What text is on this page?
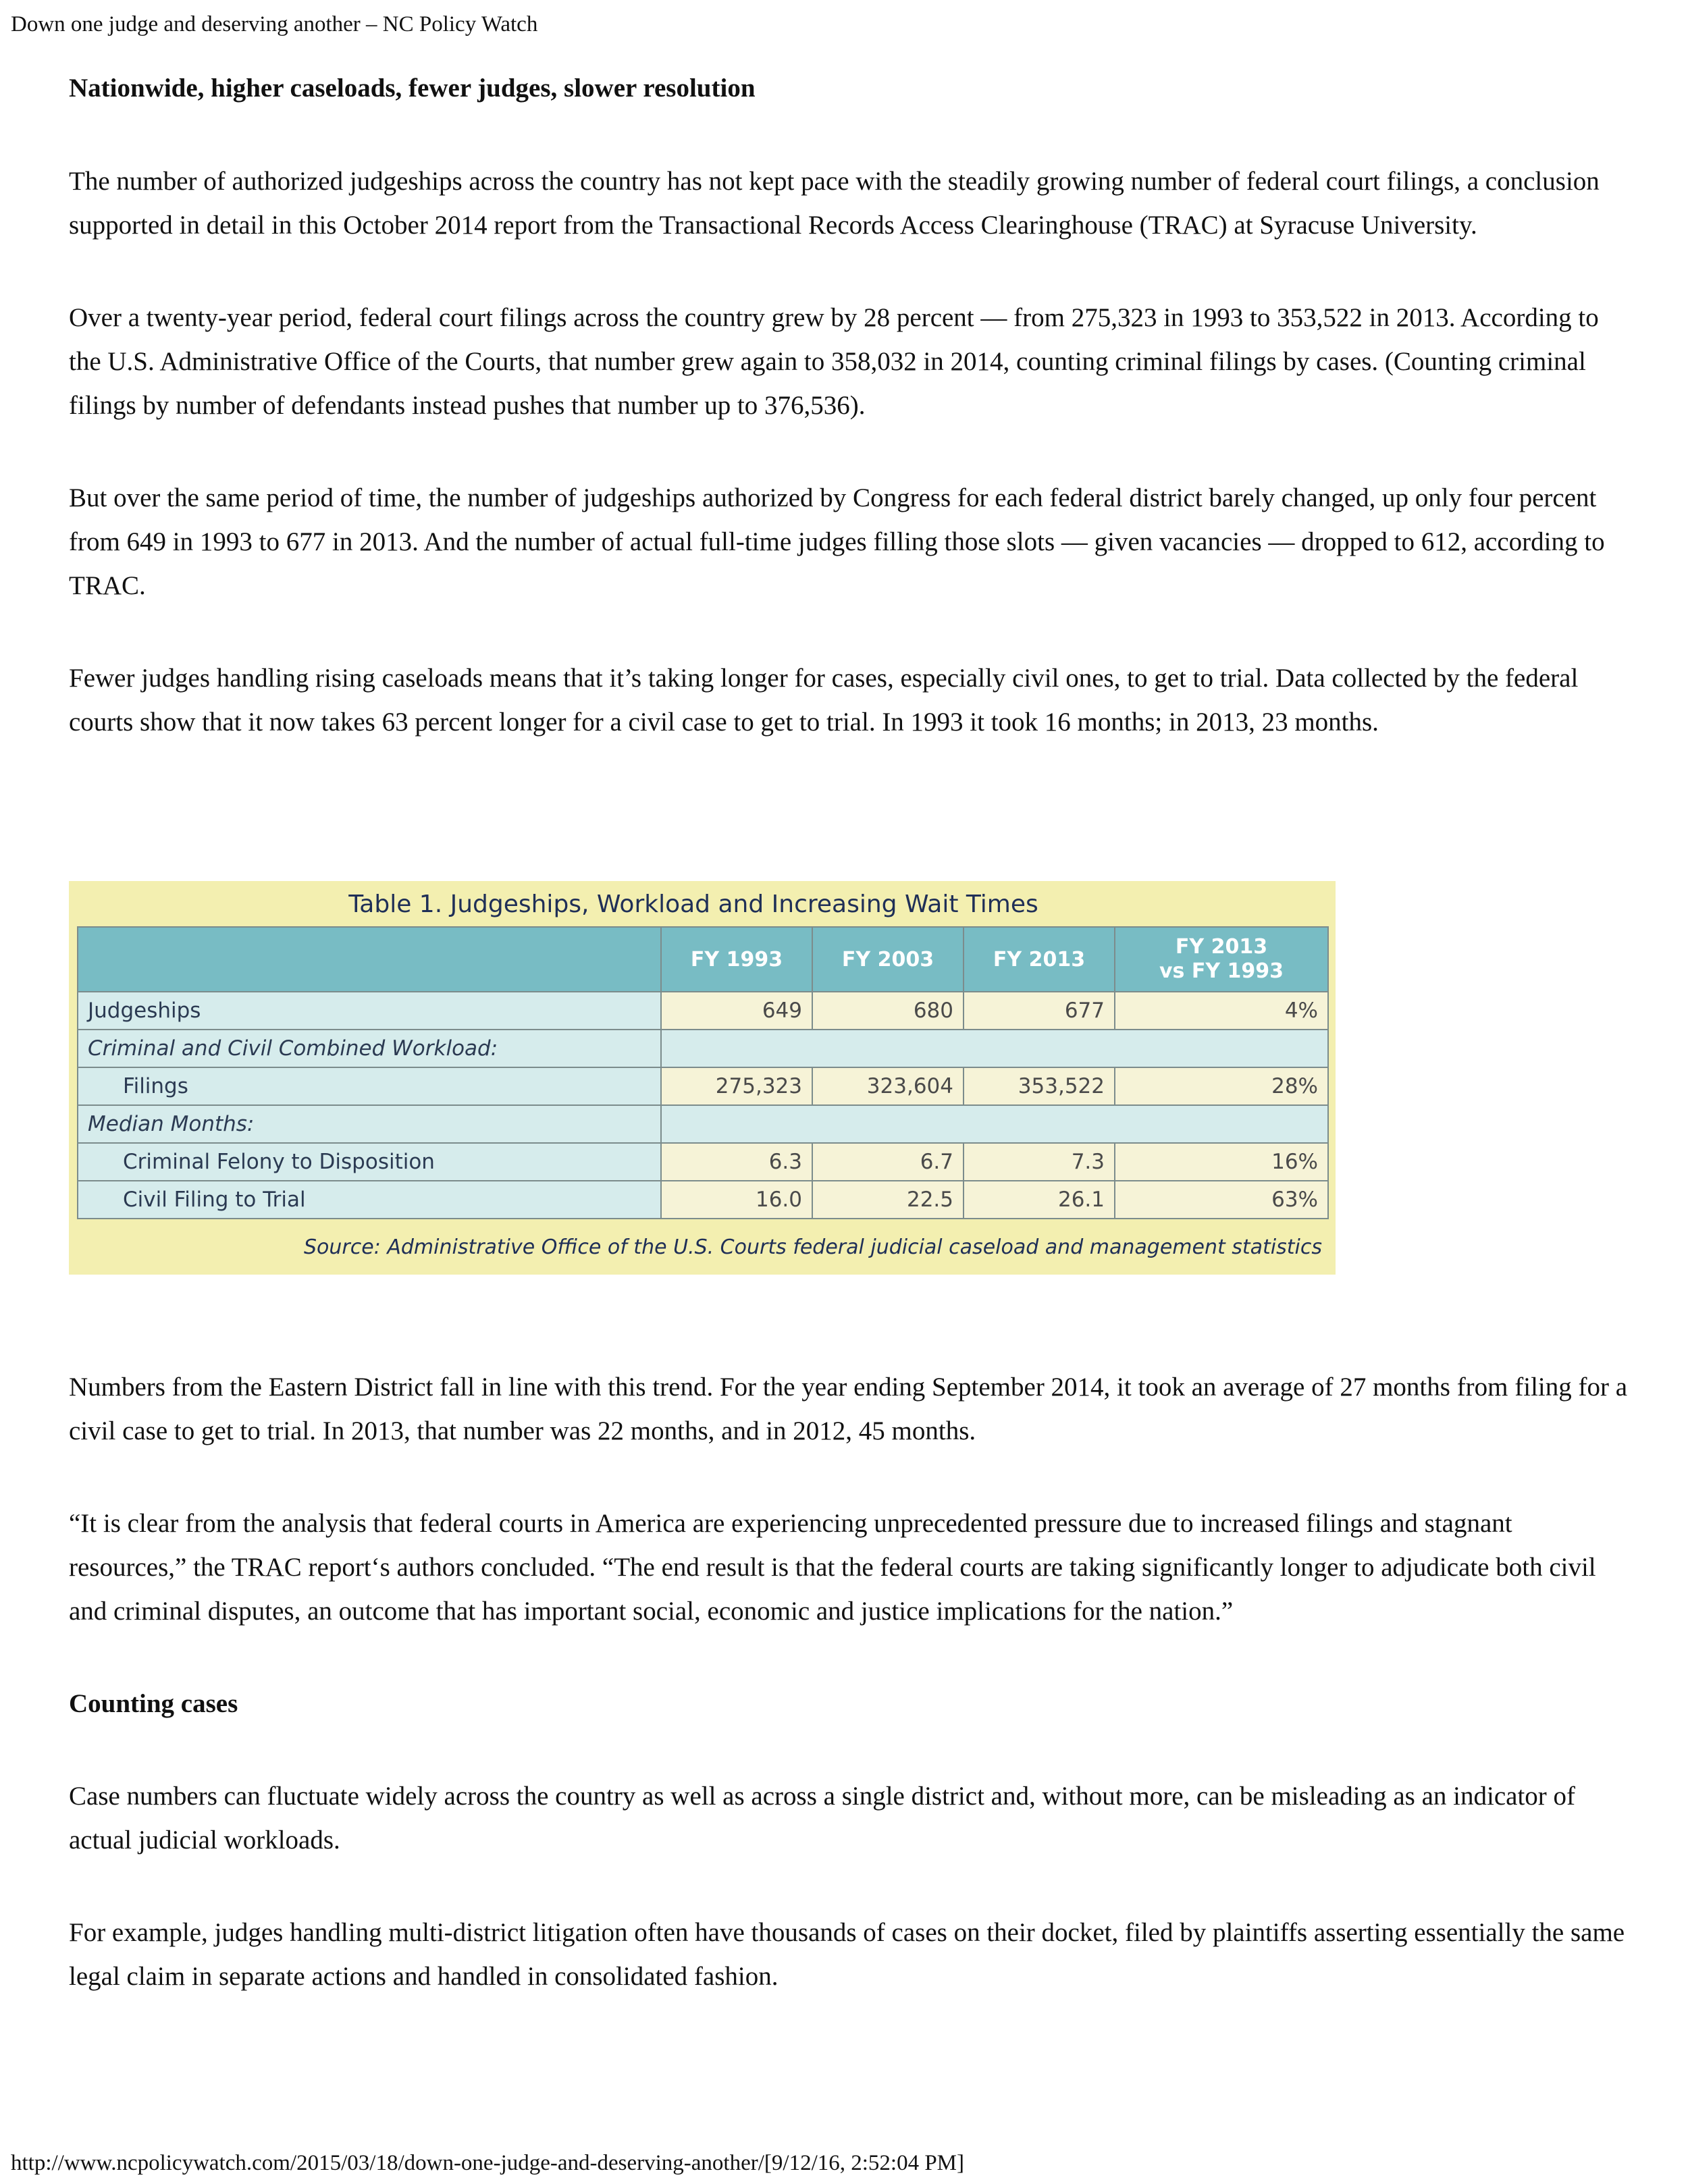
Down one judge and deserving another – NC Policy Watch
Nationwide, higher caseloads, fewer judges, slower resolution

The number of authorized judgeships across the country has not kept pace with the steadily growing number of federal court filings, a conclusion supported in detail in this October 2014 report from the Transactional Records Access Clearinghouse (TRAC) at Syracuse University.

Over a twenty-year period, federal court filings across the country grew by 28 percent — from 275,323 in 1993 to 353,522 in 2013. According to the U.S. Administrative Office of the Courts, that number grew again to 358,032 in 2014, counting criminal filings by cases. (Counting criminal filings by number of defendants instead pushes that number up to 376,536).

But over the same period of time, the number of judgeships authorized by Congress for each federal district barely changed, up only four percent from 649 in 1993 to 677 in 2013. And the number of actual full-time judges filling those slots — given vacancies — dropped to 612, according to TRAC.

Fewer judges handling rising caseloads means that it’s taking longer for cases, especially civil ones, to get to trial. Data collected by the federal courts show that it now takes 63 percent longer for a civil case to get to trial. In 1993 it took 16 months; in 2013, 23 months.

Table 1. Judgeships, Workload and Increasing Wait Times
	FY 1993	FY 2003	FY 2013	FY 2013
vs FY 1993
Judgeships	649	680	677	4%
Criminal and Civil Combined Workload:				
Filings	275,323	323,604	353,522	28%
Median Months:				
Criminal Felony to Disposition	6.3	6.7	7.3	16%
Civil Filing to Trial	16.0	22.5	26.1	63%
Source: Administrative Office of the U.S. Courts federal judicial caseload and management statistics

Numbers from the Eastern District fall in line with this trend. For the year ending September 2014, it took an average of 27 months from filing for a civil case to get to trial. In 2013, that number was 22 months, and in 2012, 45 months.

“It is clear from the analysis that federal courts in America are experiencing unprecedented pressure due to increased filings and stagnant resources,” the TRAC report‘s authors concluded. “The end result is that the federal courts are taking significantly longer to adjudicate both civil and criminal disputes, an outcome that has important social, economic and justice implications for the nation.”

Counting cases

Case numbers can fluctuate widely across the country as well as across a single district and, without more, can be misleading as an indicator of actual judicial workloads.

For example, judges handling multi-district litigation often have thousands of cases on their docket, filed by plaintiffs asserting essentially the same legal claim in separate actions and handled in consolidated fashion.

http://www.ncpolicywatch.com/2015/03/18/down-one-judge-and-deserving-another/[9/12/16, 2:52:04 PM]
